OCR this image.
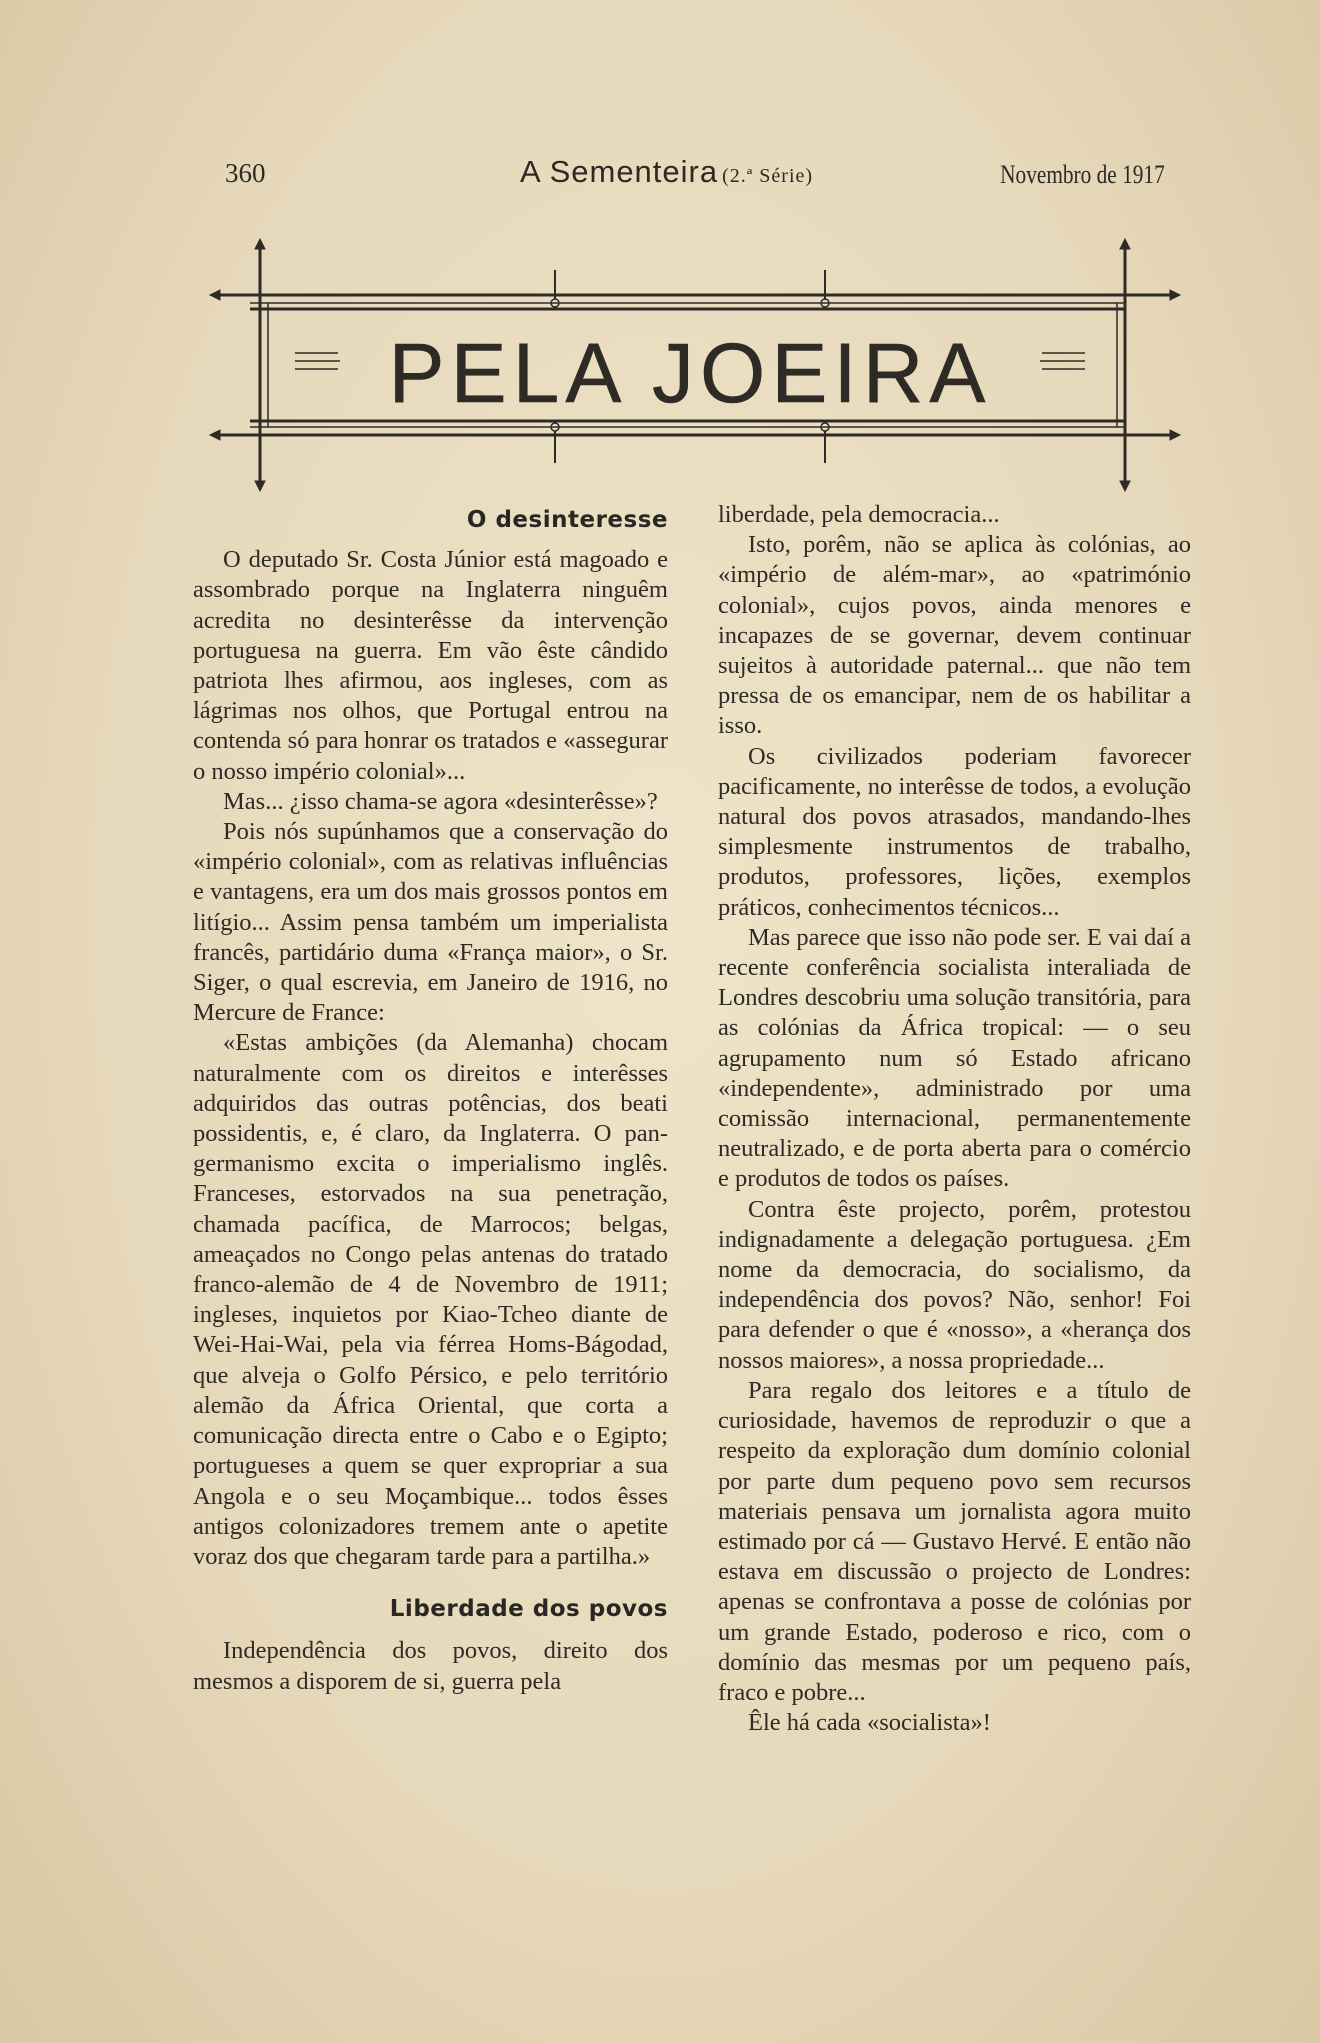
360	A Sementeira (2.ª Série)	Novembro de 1917
PELA JOEIRA
O desinteresse

O deputado Sr. Costa Júnior está magoado e assombrado porque na Inglaterra ninguêm acredita no desinterêsse da intervenção portuguesa na guerra. Em vão êste cândido patriota lhes afirmou, aos ingleses, com as lágrimas nos olhos, que Portugal entrou na contenda só para honrar os tratados e «assegurar o nosso império colonial»...

Mas... ¿isso chama-se agora «desinterêsse»?

Pois nós supúnhamos que a conservação do «império colonial», com as relativas influências e vantagens, era um dos mais grossos pontos em litígio... Assim pensa também um imperialista francês, partidário duma «França maior», o Sr. Siger, o qual escrevia, em Janeiro de 1916, no Mercure de France:

«Estas ambições (da Alemanha) chocam naturalmente com os direitos e interêsses adquiridos das outras potências, dos beati possidentis, e, é claro, da Inglaterra. O pan-germanismo excita o imperialismo inglês. Franceses, estorvados na sua penetração, chamada pacífica, de Marrocos; belgas, ameaçados no Congo pelas antenas do tratado franco-alemão de 4 de Novembro de 1911; ingleses, inquietos por Kiao-Tcheo diante de Wei-Hai-Wai, pela via férrea Homs-Bágodad, que alveja o Golfo Pérsico, e pelo território alemão da África Oriental, que corta a comunicação directa entre o Cabo e o Egipto; portugueses a quem se quer expropriar a sua Angola e o seu Moçambique... todos êsses antigos colonizadores tremem ante o apetite voraz dos que chegaram tarde para a partilha.»

Liberdade dos povos

Independência dos povos, direito dos mesmos a disporem de si, guerra pela

liberdade, pela democracia...

Isto, porêm, não se aplica às colónias, ao «império de além-mar», ao «património colonial», cujos povos, ainda menores e incapazes de se governar, devem continuar sujeitos à autoridade paternal... que não tem pressa de os emancipar, nem de os habilitar a isso.

Os civilizados poderiam favorecer pacificamente, no interêsse de todos, a evolução natural dos povos atrasados, mandando-lhes simplesmente instrumentos de trabalho, produtos, professores, lições, exemplos práticos, conhecimentos técnicos...

Mas parece que isso não pode ser. E vai daí a recente conferência socialista interaliada de Londres descobriu uma solução transitória, para as colónias da África tropical: — o seu agrupamento num só Estado africano «independente», administrado por uma comissão internacional, permanentemente neutralizado, e de porta aberta para o comércio e produtos de todos os países.

Contra êste projecto, porêm, protestou indignadamente a delegação portuguesa. ¿Em nome da democracia, do socialismo, da independência dos povos? Não, senhor! Foi para defender o que é «nosso», a «herança dos nossos maiores», a nossa propriedade...

Para regalo dos leitores e a título de curiosidade, havemos de reproduzir o que a respeito da exploração dum domínio colonial por parte dum pequeno povo sem recursos materiais pensava um jornalista agora muito estimado por cá — Gustavo Hervé. E então não estava em discussão o projecto de Londres: apenas se confrontava a posse de colónias por um grande Estado, poderoso e rico, com o domínio das mesmas por um pequeno país, fraco e pobre...

Êle há cada «socialista»!
